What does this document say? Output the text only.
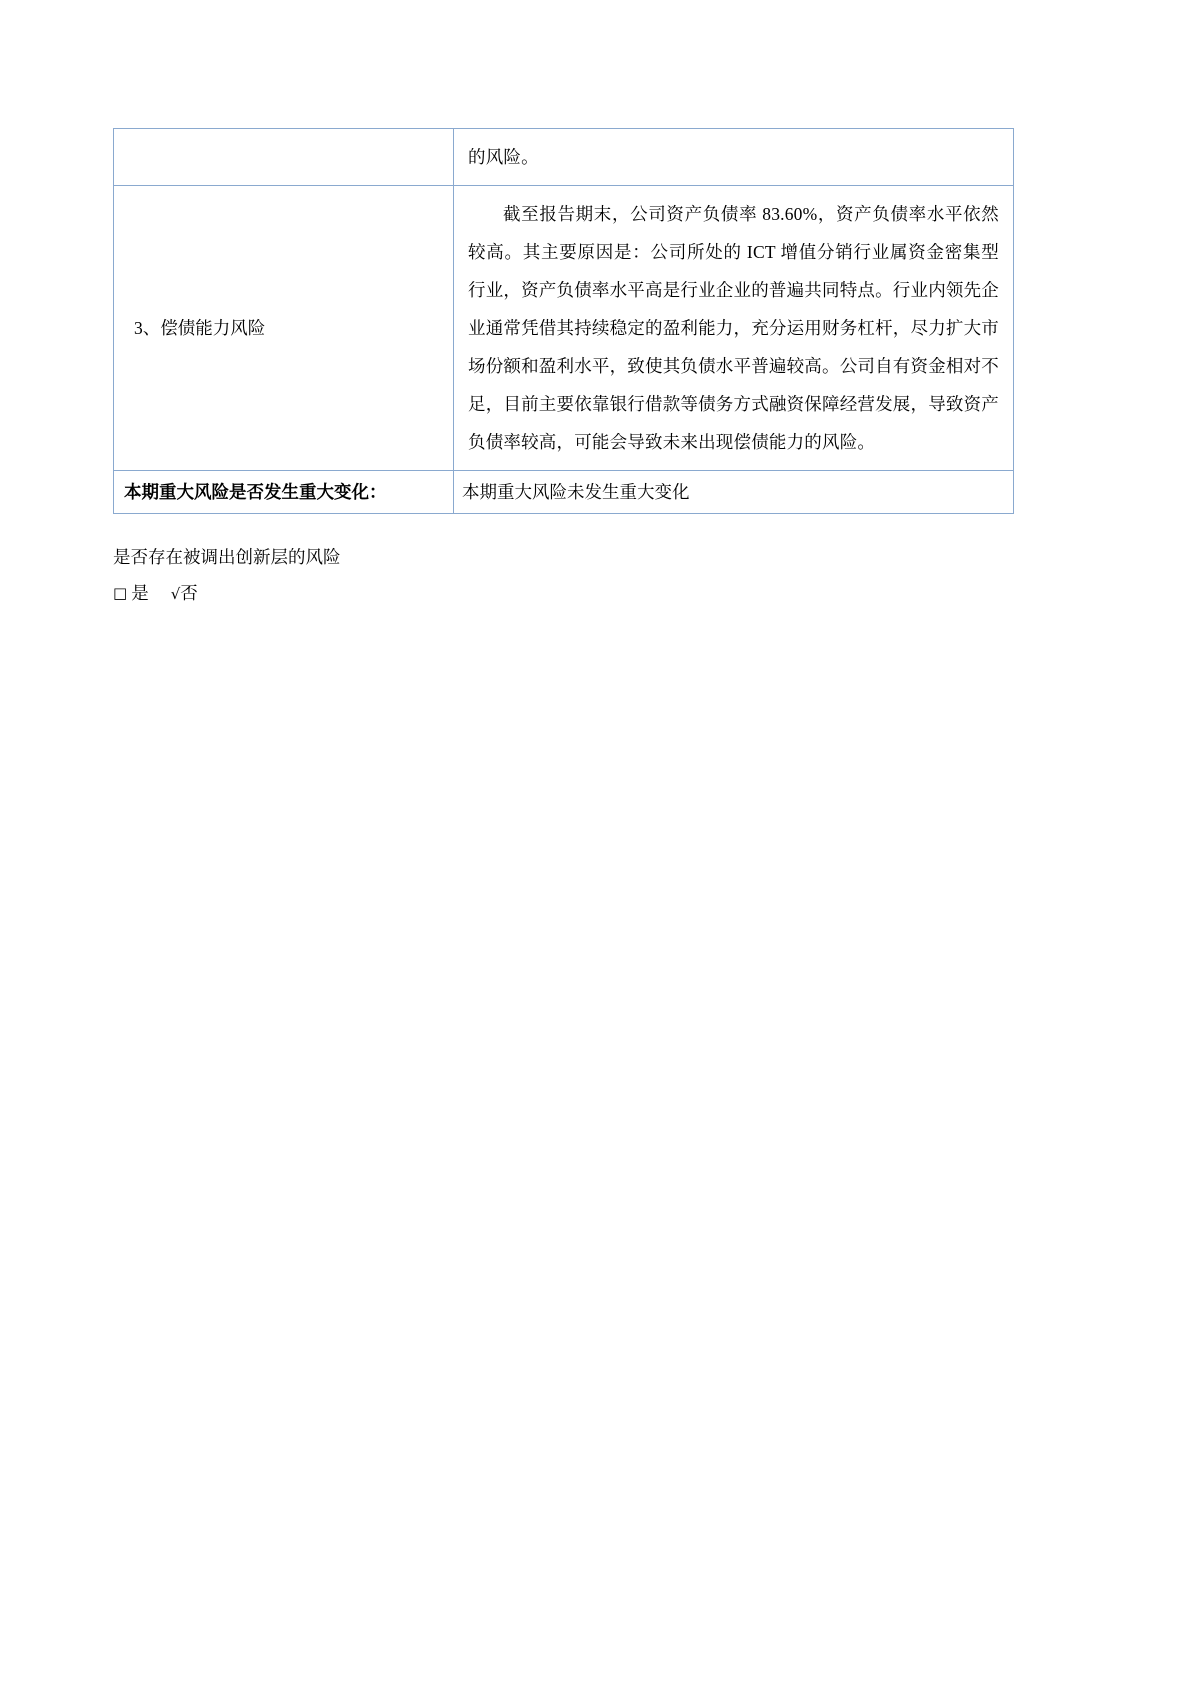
	的风险。

3、偿债能力风险	截至报告期末，公司资产负债率 83.60%，资产负债率水平依然较高。其主要原因是：公司所处的 ICT 增值分销行业属资金密集型行业，资产负债率水平高是行业企业的普遍共同特点。行业内领先企业通常凭借其持续稳定的盈利能力，充分运用财务杠杆，尽力扩大市场份额和盈利水平，致使其负债水平普遍较高。公司自有资金相对不足，目前主要依靠银行借款等债务方式融资保障经营发展，导致资产负债率较高，可能会导致未来出现偿债能力的风险。

本期重大风险是否发生重大变化：	本期重大风险未发生重大变化
是否存在被调出创新层的风险
□ 是 √否
